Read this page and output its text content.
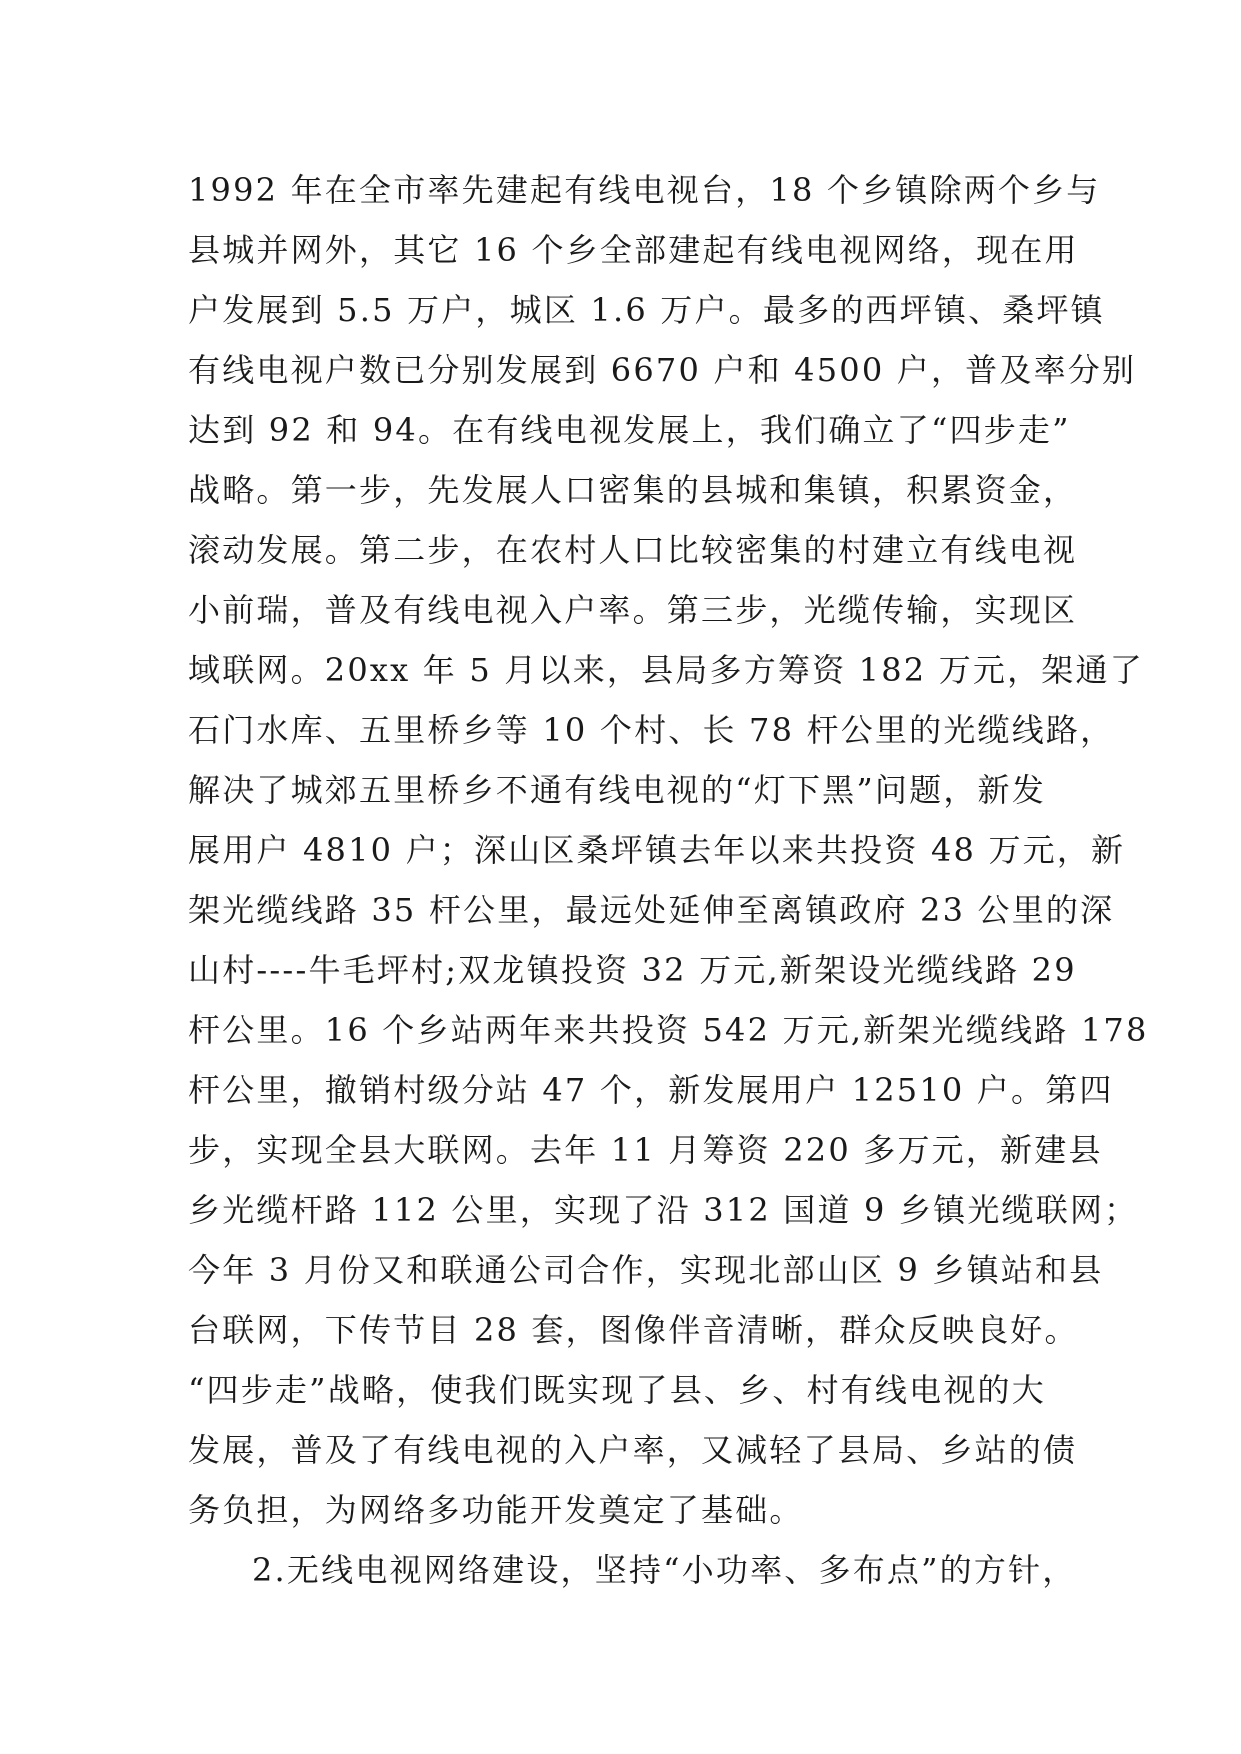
1992 年在全市率先建起有线电视台，18 个乡镇除两个乡与
县城并网外，其它 16 个乡全部建起有线电视网络，现在用
户发展到 5.5 万户，城区 1.6 万户。最多的西坪镇、桑坪镇
有线电视户数已分别发展到 6670 户和 4500 户，普及率分别
达到 92 和 94。在有线电视发展上，我们确立了“四步走”
战略。第一步，先发展人口密集的县城和集镇，积累资金，
滚动发展。第二步，在农村人口比较密集的村建立有线电视
小前瑞，普及有线电视入户率。第三步，光缆传输，实现区
域联网。20xx 年 5 月以来，县局多方筹资 182 万元，架通了
石门水库、五里桥乡等 10 个村、长 78 杆公里的光缆线路，
解决了城郊五里桥乡不通有线电视的“灯下黑”问题，新发
展用户 4810 户；深山区桑坪镇去年以来共投资 48 万元，新
架光缆线路 35 杆公里，最远处延伸至离镇政府 23 公里的深
山村----牛毛坪村;双龙镇投资 32 万元,新架设光缆线路 29
杆公里。16 个乡站两年来共投资 542 万元,新架光缆线路 178
杆公里，撤销村级分站 47 个，新发展用户 12510 户。第四
步，实现全县大联网。去年 11 月筹资 220 多万元，新建县
乡光缆杆路 112 公里，实现了沿 312 国道 9 乡镇光缆联网；
今年 3 月份又和联通公司合作，实现北部山区 9 乡镇站和县
台联网，下传节目 28 套，图像伴音清晰，群众反映良好。
“四步走”战略，使我们既实现了县、乡、村有线电视的大
发展，普及了有线电视的入户率，又减轻了县局、乡站的债
务负担，为网络多功能开发奠定了基础。
2.无线电视网络建设，坚持“小功率、多布点”的方针，
